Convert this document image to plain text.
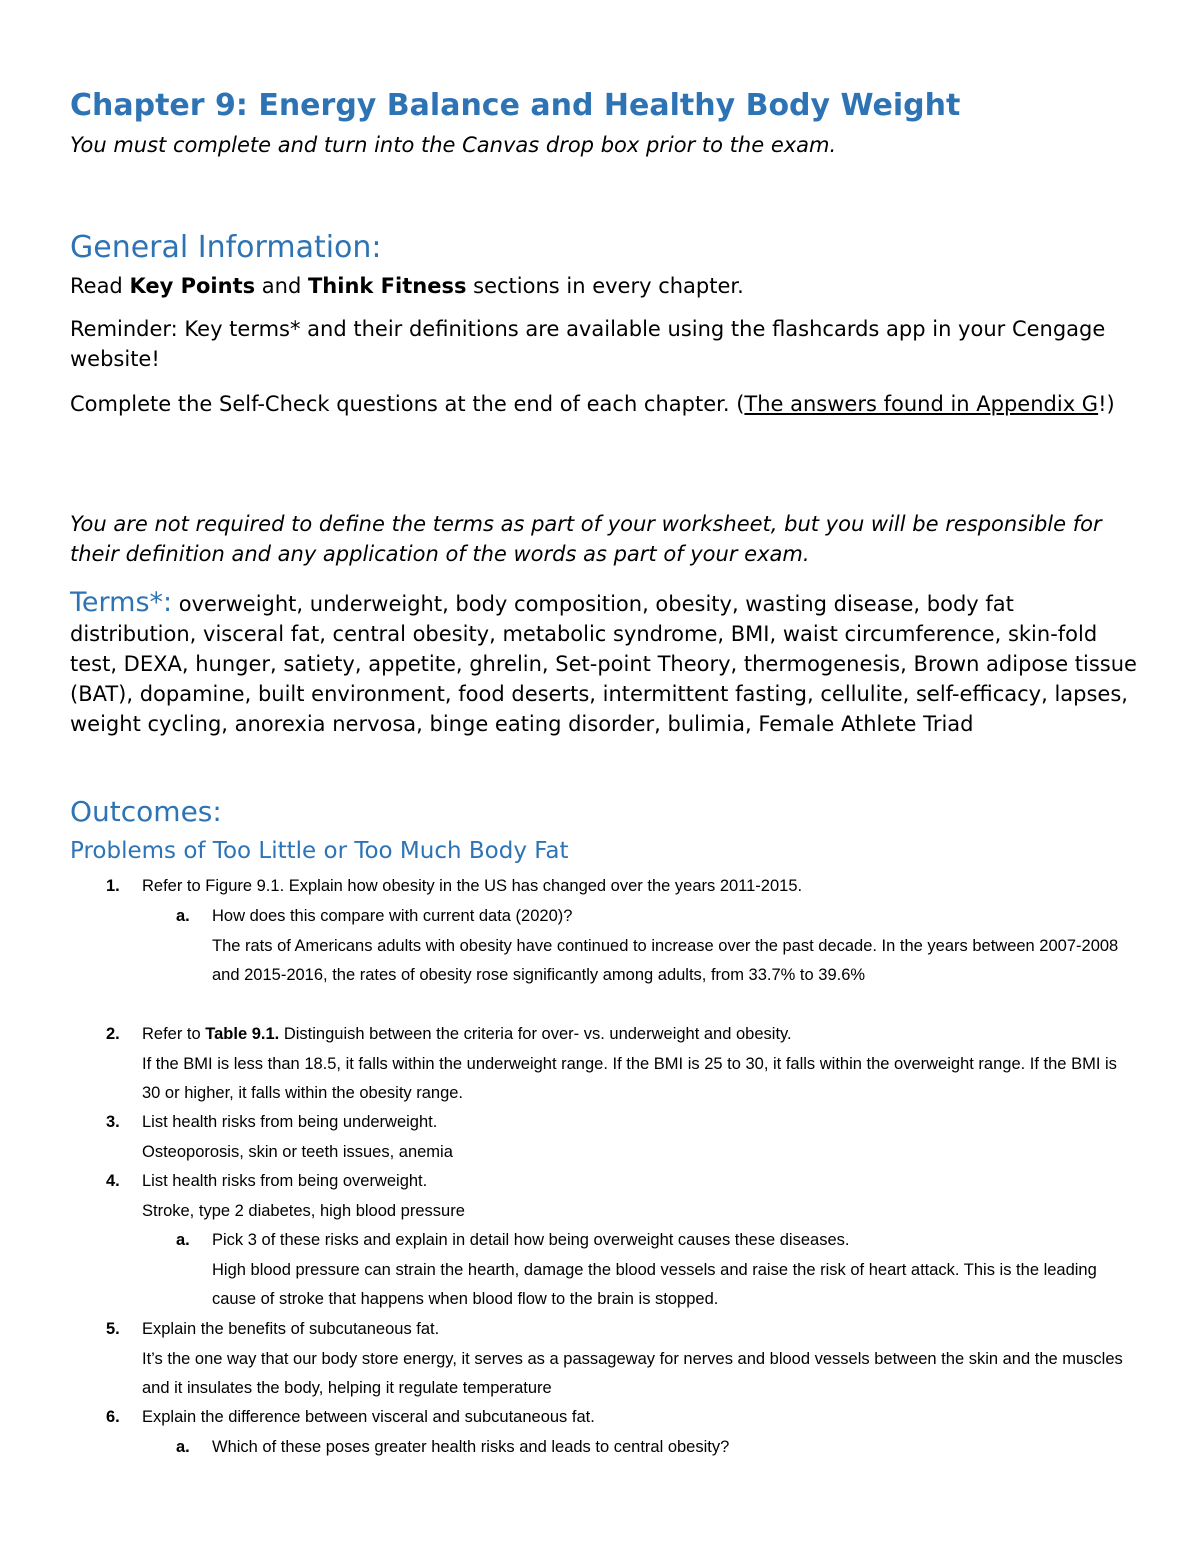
Chapter 9: Energy Balance and Healthy Body Weight

You must complete and turn into the Canvas drop box prior to the exam.

General Information:

Read Key Points and Think Fitness sections in every chapter.

Reminder: Key terms* and their definitions are available using the flashcards app in your Cengage website!

Complete the Self-Check questions at the end of each chapter. (The answers found in Appendix G!)

You are not required to define the terms as part of your worksheet, but you will be responsible for their definition and any application of the words as part of your exam.

Terms*: overweight, underweight, body composition, obesity, wasting disease, body fat distribution, visceral fat, central obesity, metabolic syndrome, BMI, waist circumference, skin-fold test, DEXA, hunger, satiety, appetite, ghrelin, Set-point Theory, thermogenesis, Brown adipose tissue (BAT), dopamine, built environment, food deserts, intermittent fasting, cellulite, self-efficacy, lapses, weight cycling, anorexia nervosa, binge eating disorder, bulimia, Female Athlete Triad

Outcomes:
Problems of Too Little or Too Much Body Fat
1. Refer to Figure 9.1. Explain how obesity in the US has changed over the years 2011-2015.
a. How does this compare with current data (2020)?

The rats of Americans adults with obesity have continued to increase over the past decade. In the years between 2007-2008 and 2015-2016, the rates of obesity rose significantly among adults, from 33.7% to 39.6%

2. Refer to Table 9.1. Distinguish between the criteria for over- vs. underweight and obesity.

If the BMI is less than 18.5, it falls within the underweight range. If the BMI is 25 to 30, it falls within the overweight range. If the BMI is 30 or higher, it falls within the obesity range.

3. List health risks from being underweight.

Osteoporosis, skin or teeth issues, anemia

4. List health risks from being overweight.

Stroke, type 2 diabetes, high blood pressure

a. Pick 3 of these risks and explain in detail how being overweight causes these diseases.

High blood pressure can strain the hearth, damage the blood vessels and raise the risk of heart attack. This is the leading cause of stroke that happens when blood flow to the brain is stopped.

5. Explain the benefits of subcutaneous fat.

It’s the one way that our body store energy, it serves as a passageway for nerves and blood vessels between the skin and the muscles and it insulates the body, helping it regulate temperature

6. Explain the difference between visceral and subcutaneous fat.
a. Which of these poses greater health risks and leads to central obesity?
